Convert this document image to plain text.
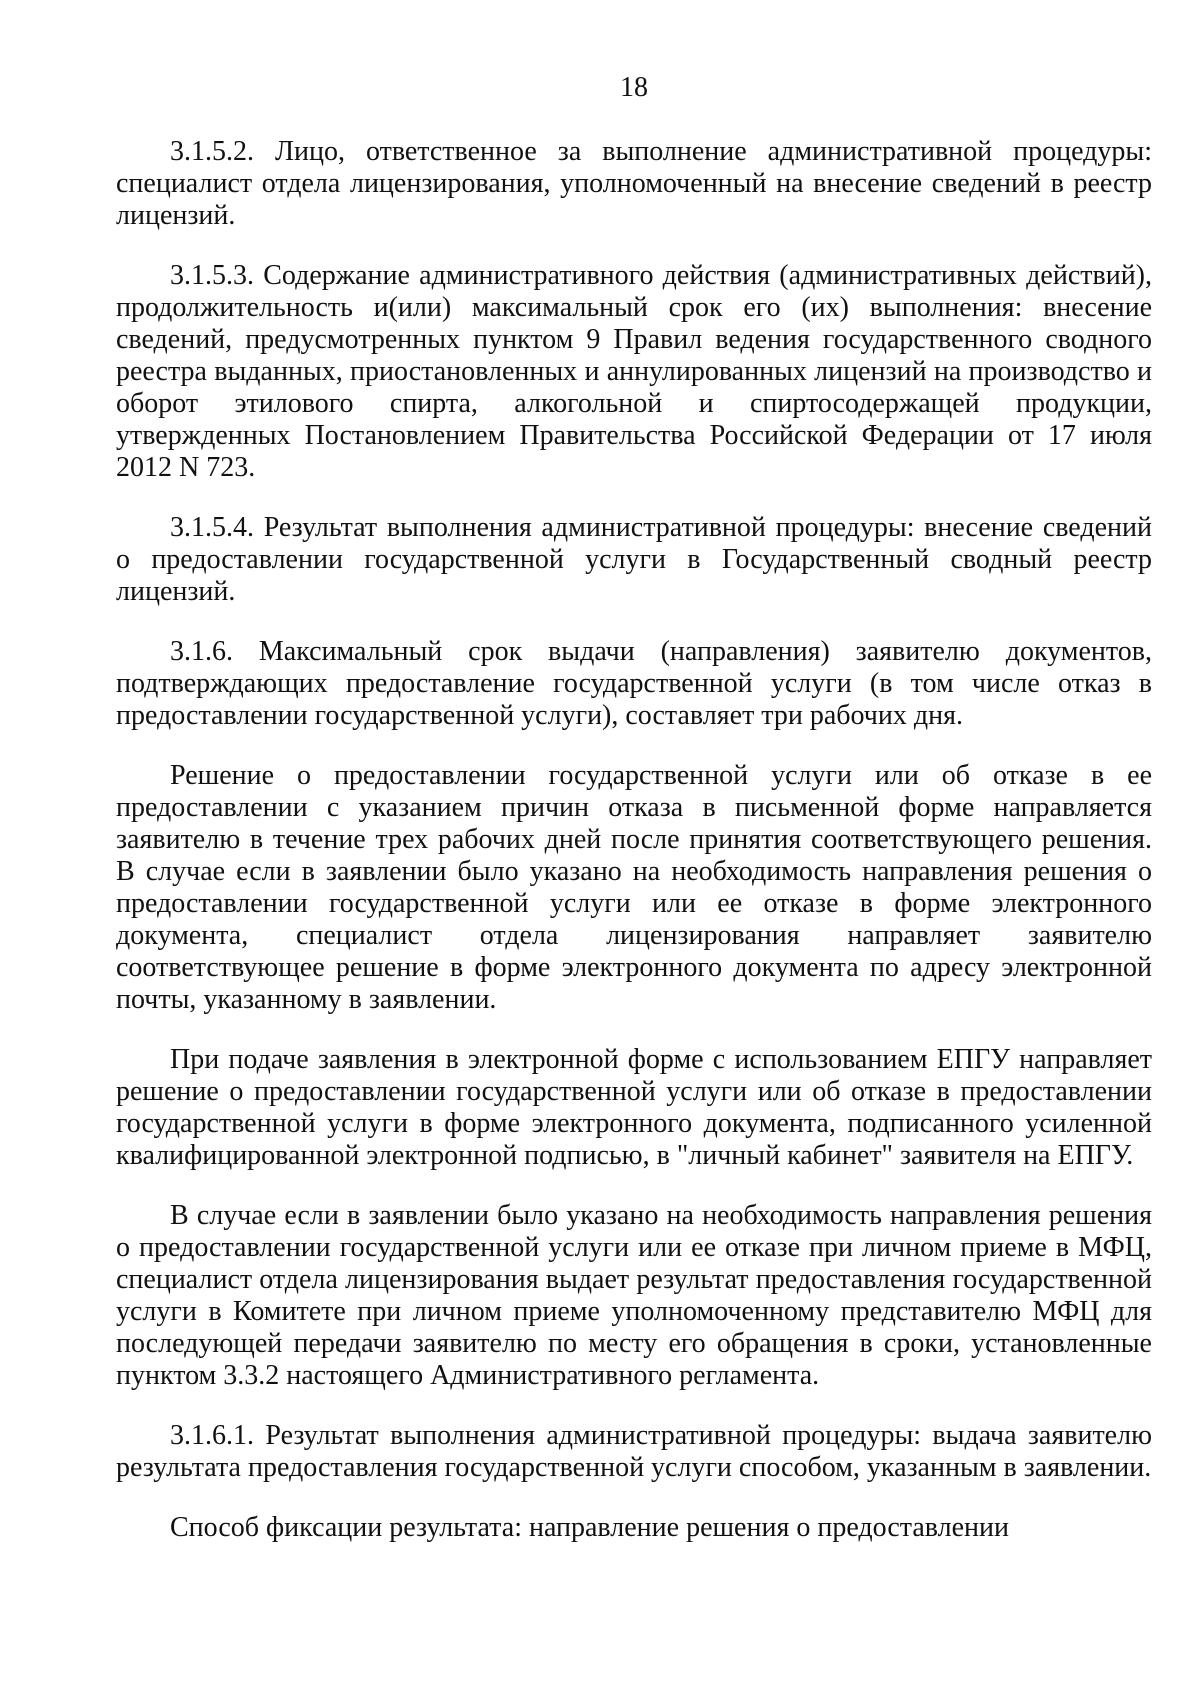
18

3.1.5.2. Лицо, ответственное за выполнение административной процедуры: специалист отдела лицензирования, уполномоченный на внесение сведений в реестр лицензий.

3.1.5.3. Содержание административного действия (административных действий), продолжительность и(или) максимальный срок его (их) выполнения: внесение сведений, предусмотренных пунктом 9 Правил ведения государственного сводного реестра выданных, приостановленных и аннулированных лицензий на производство и оборот этилового спирта, алкогольной и спиртосодержащей продукции, утвержденных Постановлением Правительства Российской Федерации от 17 июля 2012 N 723.

3.1.5.4. Результат выполнения административной процедуры: внесение сведений о предоставлении государственной услуги в Государственный сводный реестр лицензий.

3.1.6. Максимальный срок выдачи (направления) заявителю документов, подтверждающих предоставление государственной услуги (в том числе отказ в предоставлении государственной услуги), составляет три рабочих дня.

Решение о предоставлении государственной услуги или об отказе в ее предоставлении с указанием причин отказа в письменной форме направляется заявителю в течение трех рабочих дней после принятия соответствующего решения. В случае если в заявлении было указано на необходимость направления решения о предоставлении государственной услуги или ее отказе в форме электронного документа, специалист отдела лицензирования направляет заявителю соответствующее решение в форме электронного документа по адресу электронной почты, указанному в заявлении.

При подаче заявления в электронной форме с использованием ЕПГУ направляет решение о предоставлении государственной услуги или об отказе в предоставлении государственной услуги в форме электронного документа, подписанного усиленной квалифицированной электронной подписью, в "личный кабинет" заявителя на ЕПГУ.

В случае если в заявлении было указано на необходимость направления решения о предоставлении государственной услуги или ее отказе при личном приеме в МФЦ, специалист отдела лицензирования выдает результат предоставления государственной услуги в Комитете при личном приеме уполномоченному представителю МФЦ для последующей передачи заявителю по месту его обращения в сроки, установленные пунктом 3.3.2 настоящего Административного регламента.

3.1.6.1. Результат выполнения административной процедуры: выдача заявителю результата предоставления государственной услуги способом, указанным в заявлении.

Способ фиксации результата: направление решения о предоставлении
